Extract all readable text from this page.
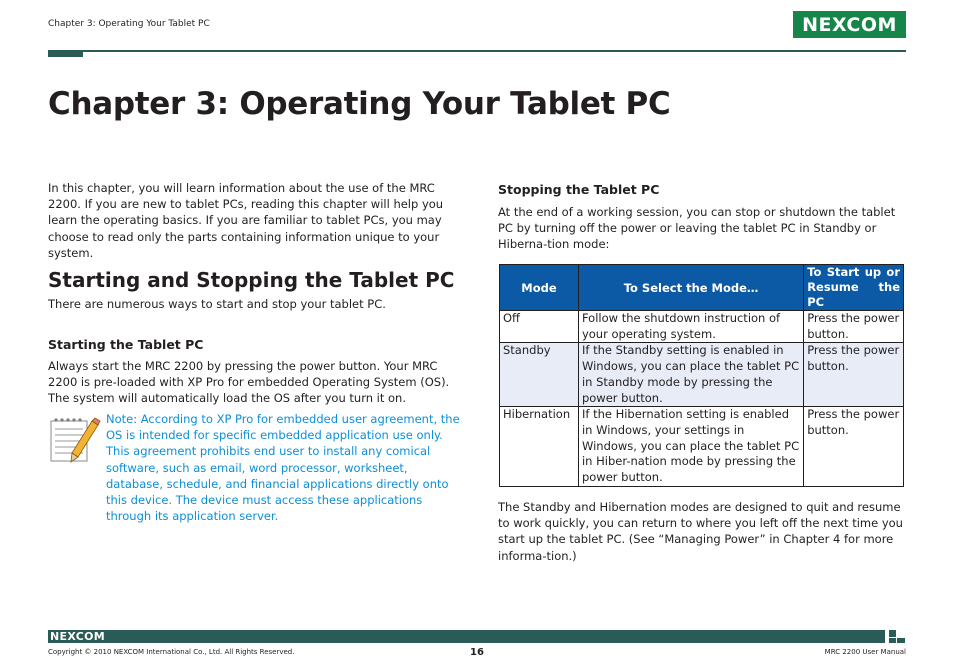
Chapter 3: Operating Your Tablet PC	NEXCOM
Chapter 3: Operating Your Tablet PC

In this chapter, you will learn information about the use of the MRC 2200. If you are new to tablet PCs, reading this chapter will help you learn the operating basics. If you are familiar to tablet PCs, you may choose to read only the parts containing information unique to your system.

Starting and Stopping the Tablet PC

There are numerous ways to start and stop your tablet PC.

Starting the Tablet PC

Always start the MRC 2200 by pressing the power button. Your MRC 2200 is pre-loaded with XP Pro for embedded Operating System (OS). The system will automatically load the OS after you turn it on.

Note: According to XP Pro for embedded user agreement, the OS is intended for specific embedded application use only. This agreement prohibits end user to install any comical software, such as email, word processor, worksheet, database, schedule, and financial applications directly onto this device. The device must access these applications through its application server.

Stopping the Tablet PC

At the end of a working session, you can stop or shutdown the tablet PC by turning off the power or leaving the tablet PC in Standby or Hiberna-tion mode:

Mode	To Select the Mode…	To Start up or Resume the PC
Off	Follow the shutdown instruction of your operating system.	Press the power button.
Standby	If the Standby setting is enabled in Windows, you can place the tablet PC in Standby mode by pressing the power button.	Press the power button.
Hibernation	If the Hibernation setting is enabled in Windows, your settings in Windows, you can place the tablet PC in Hiber-nation mode by pressing the power button.	Press the power button.

The Standby and Hibernation modes are designed to quit and resume to work quickly, you can return to where you left off the next time you start up the tablet PC. (See “Managing Power” in Chapter 4 for more informa-tion.)

NEXCOM
Copyright © 2010 NEXCOM International Co., Ltd. All Rights Reserved.	16	MRC 2200 User Manual
